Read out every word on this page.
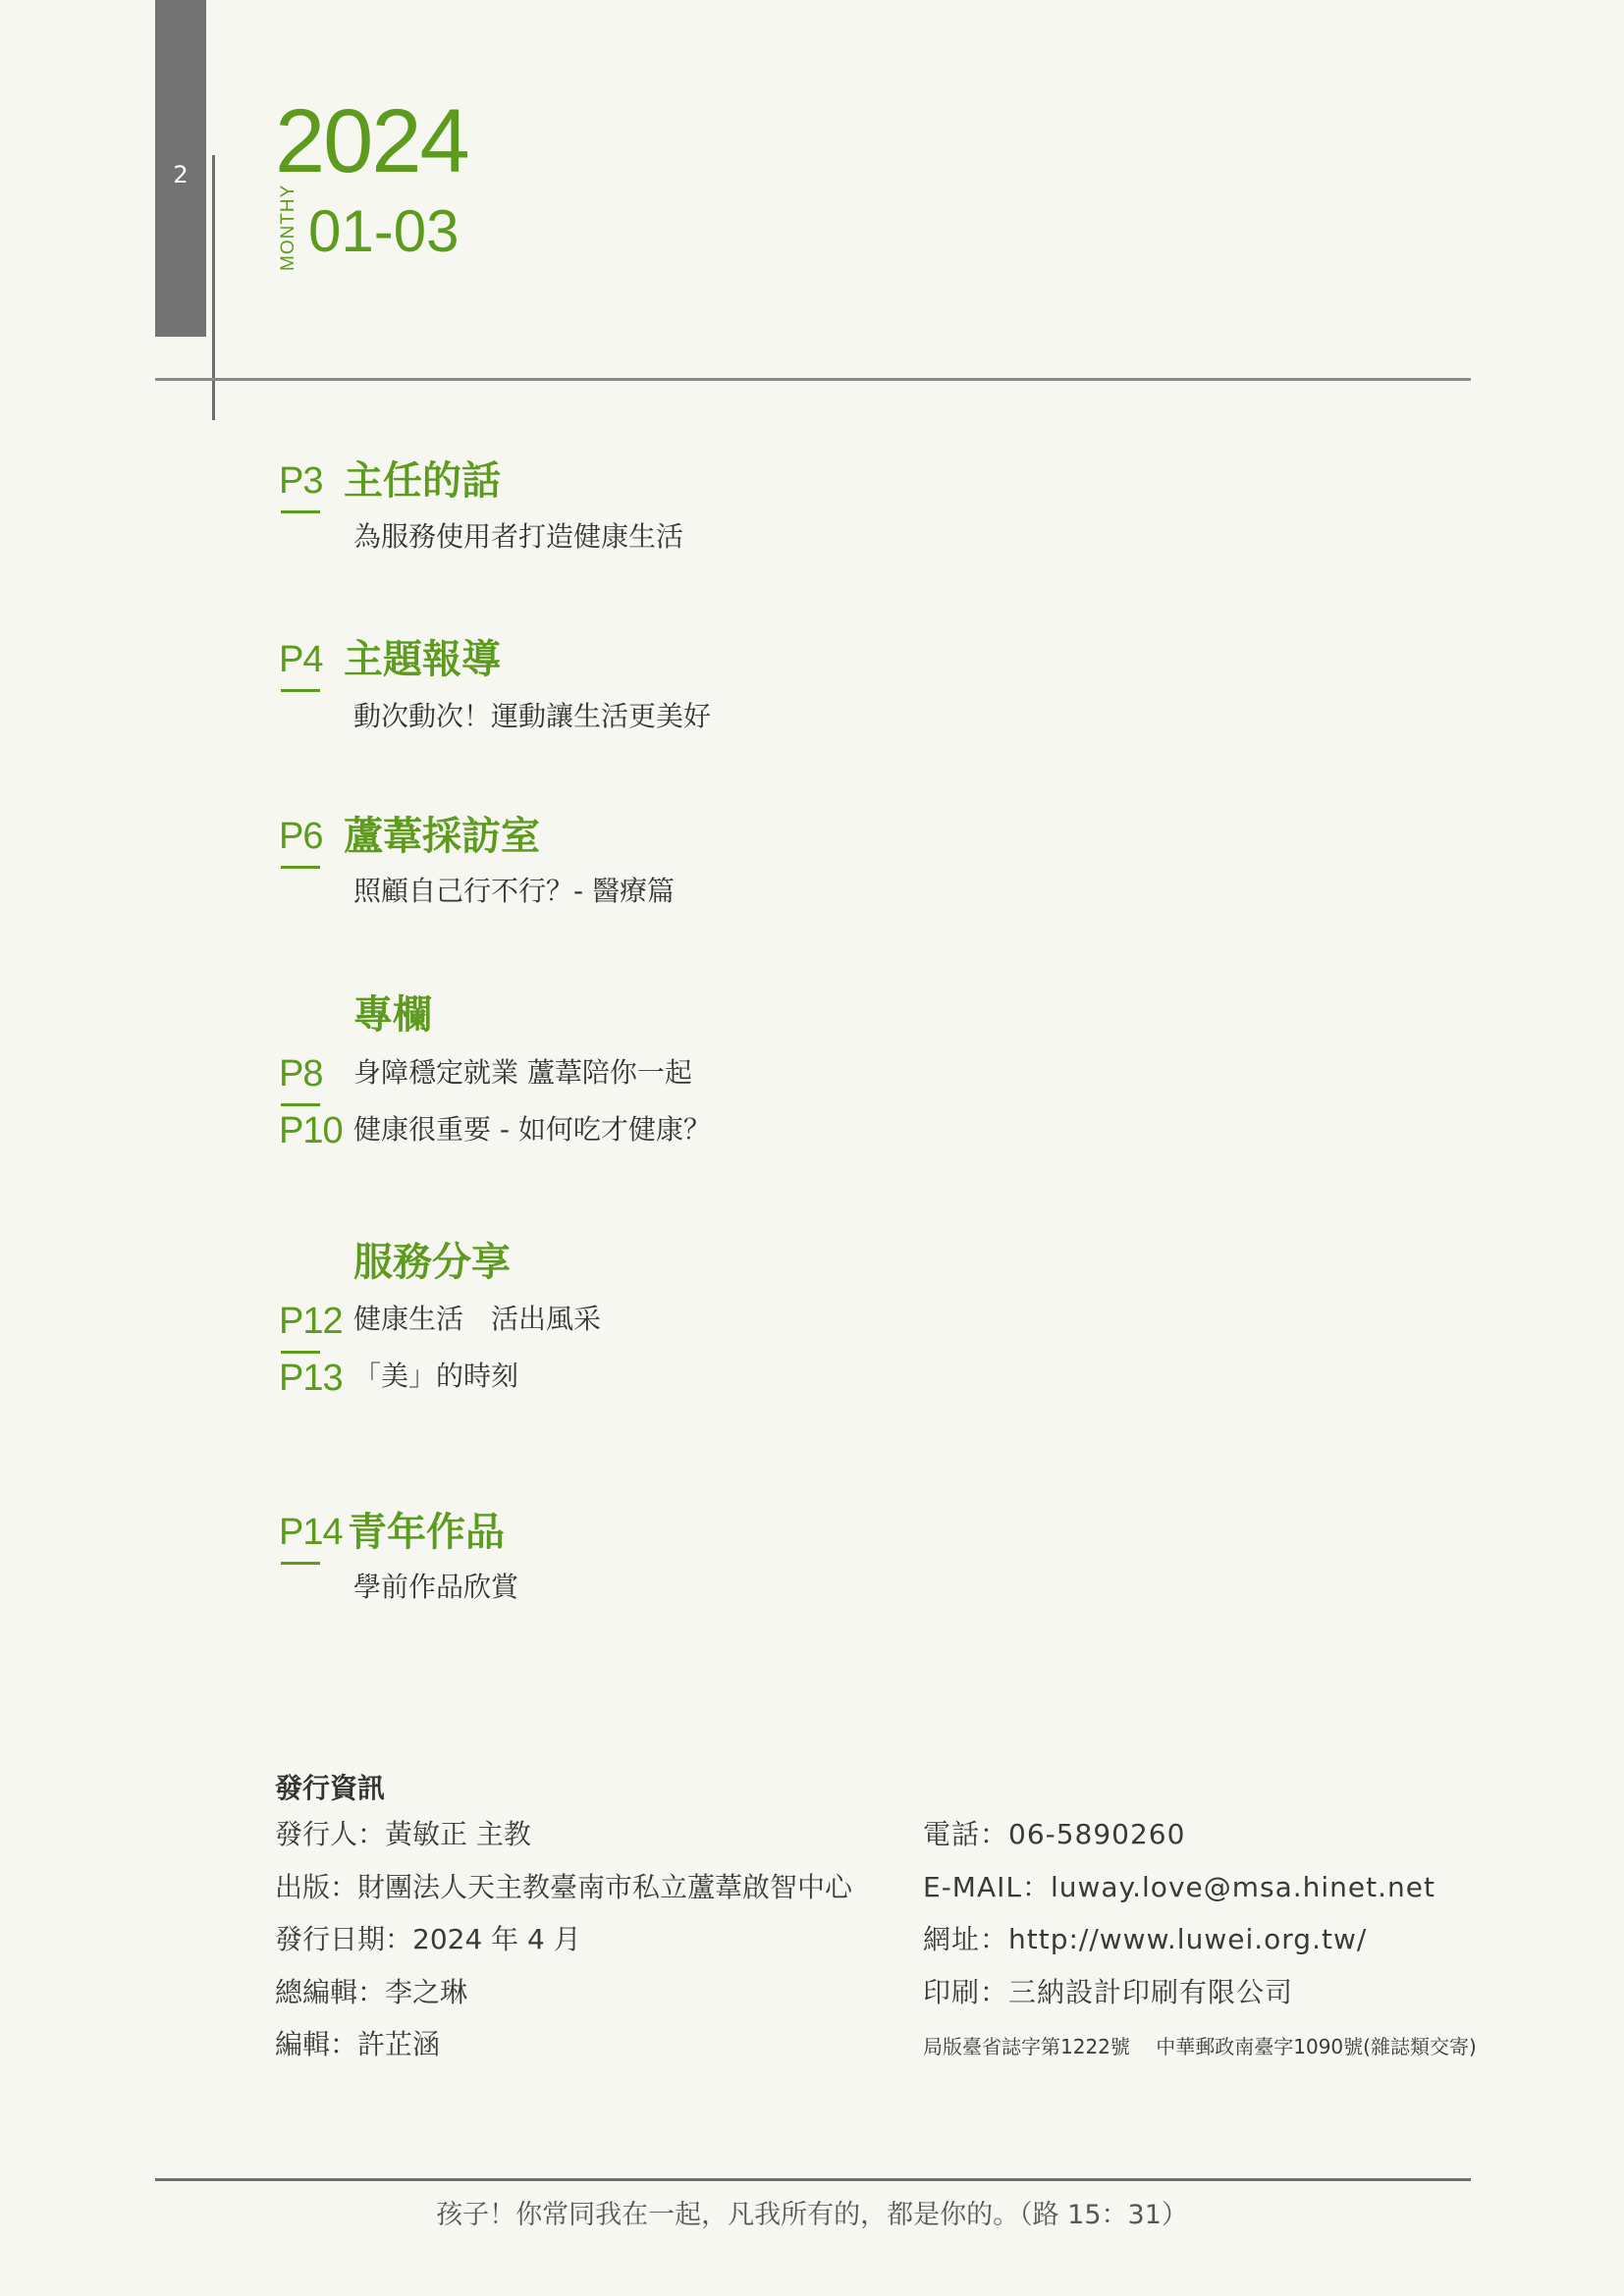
2 2024
MONTHY 01-03
P3 主任的話
為服務使用者打造健康生活
P4 主題報導
動次動次！運動讓生活更美好
P6 蘆葦採訪室
照顧自己行不行？- 醫療篇
專欄
P8 身障穩定就業 蘆葦陪你一起
P10 健康很重要 - 如何吃才健康？
服務分享
P12 健康生活　活出風采
P13 「美」的時刻
P14 青年作品
學前作品欣賞
發行資訊
發行人：黃敏正 主教
出版：財團法人天主教臺南市私立蘆葦啟智中心
發行日期：2024 年 4 月
總編輯：李之琳
編輯：許芷涵
電話：06-5890260
E-MAIL：luway.love@msa.hinet.net
網址：http://www.luwei.org.tw/
印刷：三納設計印刷有限公司
局版臺省誌字第1222號　 中華郵政南臺字1090號(雜誌類交寄)
孩子！你常同我在一起，凡我所有的，都是你的。（路 15：31）
